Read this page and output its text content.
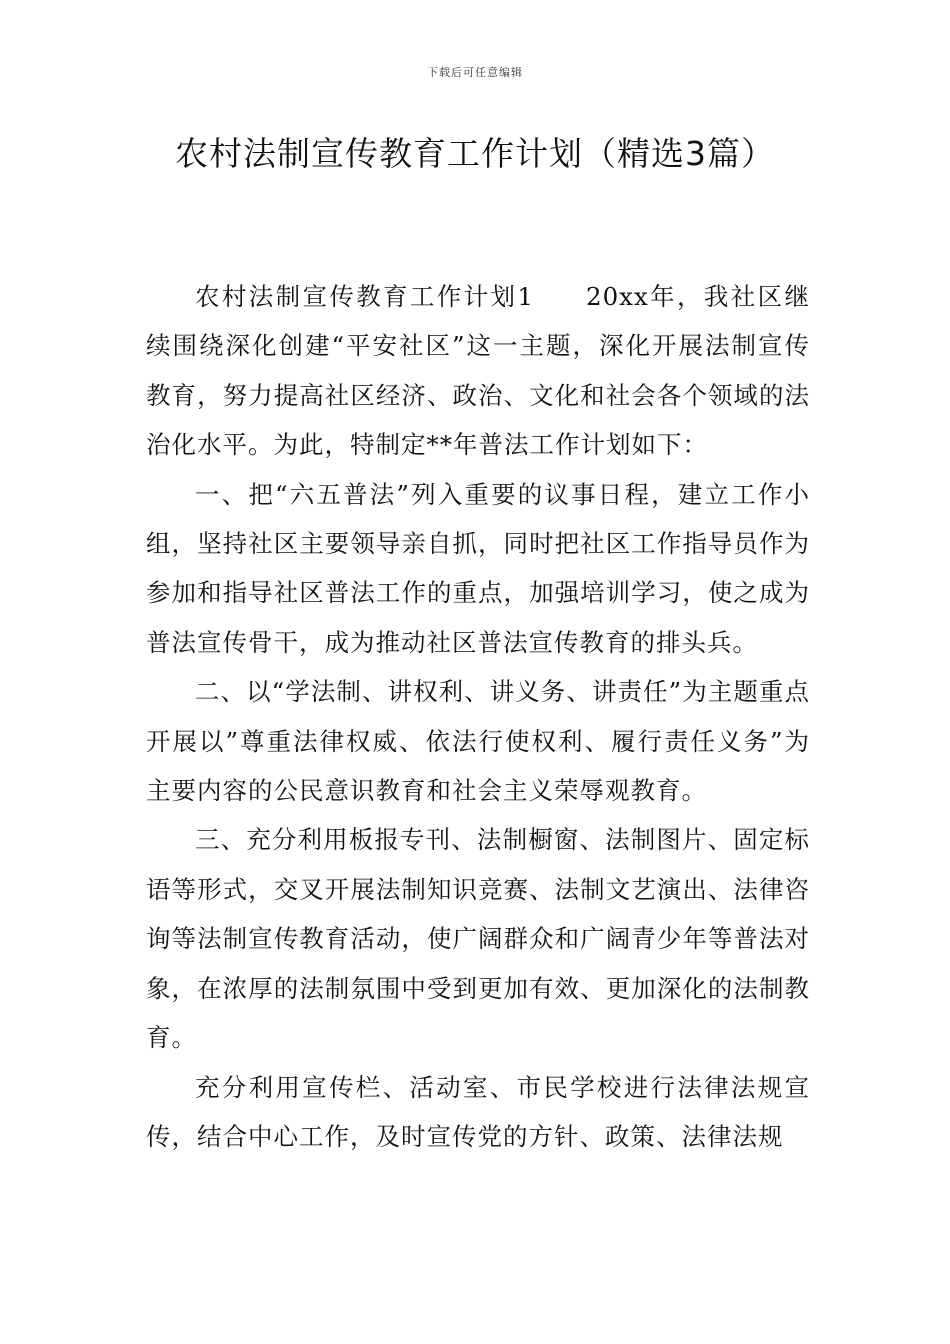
下载后可任意编辑
农村法制宣传教育工作计划（精选3篇）

农村法制宣传教育工作计划1 20xx年，我社区继续围绕深化创建“平安社区”这一主题，深化开展法制宣传教育，努力提高社区经济、政治、文化和社会各个领域的法治化水平。为此，特制定**年普法工作计划如下：

一、把“六五普法”列入重要的议事日程，建立工作小组，坚持社区主要领导亲自抓，同时把社区工作指导员作为参加和指导社区普法工作的重点，加强培训学习，使之成为普法宣传骨干，成为推动社区普法宣传教育的排头兵。

二、以“学法制、讲权利、讲义务、讲责任”为主题重点开展以”尊重法律权威、依法行使权利、履行责任义务”为主要内容的公民意识教育和社会主义荣辱观教育。

三、充分利用板报专刊、法制橱窗、法制图片、固定标语等形式，交叉开展法制知识竞赛、法制文艺演出、法律咨询等法制宣传教育活动，使广阔群众和广阔青少年等普法对象，在浓厚的法制氛围中受到更加有效、更加深化的法制教育。

充分利用宣传栏、活动室、市民学校进行法律法规宣传，结合中心工作，及时宣传党的方针、政策、法律法规
